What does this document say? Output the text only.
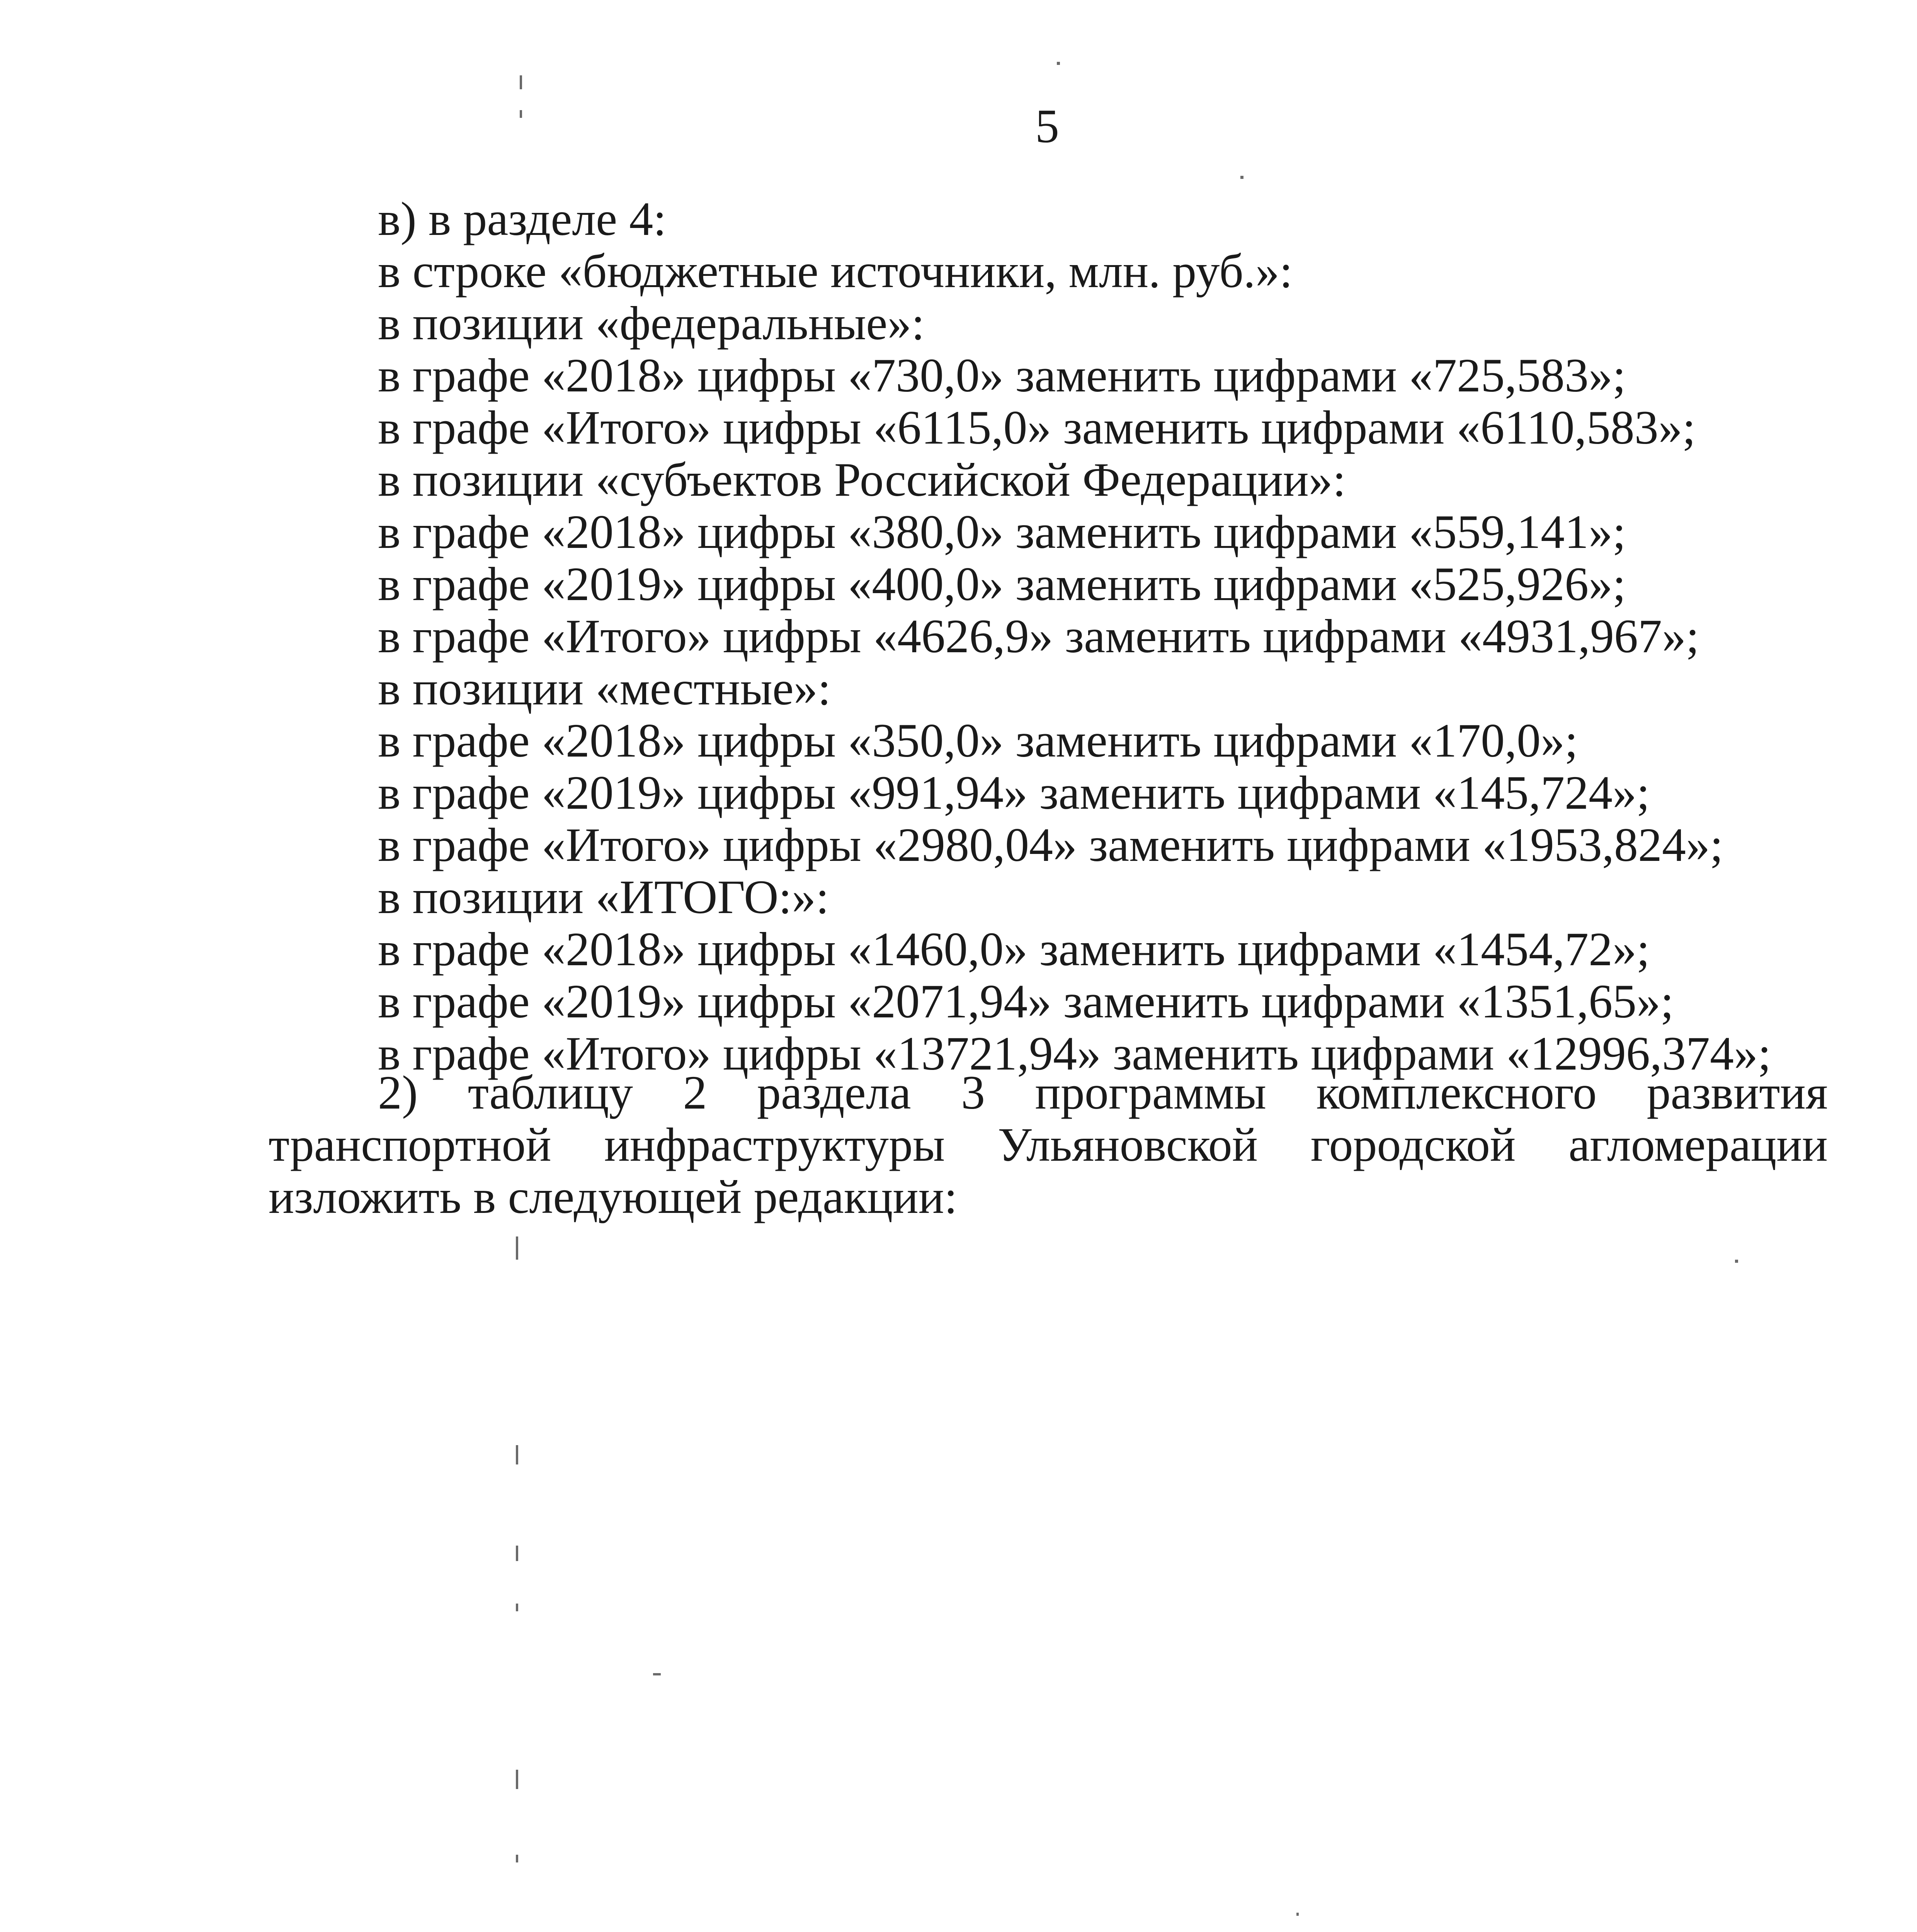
5
в) в разделе 4:
в строке «бюджетные источники, млн. руб.»:
в позиции «федеральные»:
в графе «2018» цифры «730,0» заменить цифрами «725,583»;
в графе «Итого» цифры «6115,0» заменить цифрами «6110,583»;
в позиции «субъектов Российской Федерации»:
в графе «2018» цифры «380,0» заменить цифрами «559,141»;
в графе «2019» цифры «400,0» заменить цифрами «525,926»;
в графе «Итого» цифры «4626,9» заменить цифрами «4931,967»;
в позиции «местные»:
в графе «2018» цифры «350,0» заменить цифрами «170,0»;
в графе «2019» цифры «991,94» заменить цифрами «145,724»;
в графе «Итого» цифры «2980,04» заменить цифрами «1953,824»;
в позиции «ИТОГО:»:
в графе «2018» цифры «1460,0» заменить цифрами «1454,72»;
в графе «2019» цифры «2071,94» заменить цифрами «1351,65»;
в графе «Итого» цифры «13721,94» заменить цифрами «12996,374»;
2) таблицу 2 раздела 3 программы комплексного развития транспортной инфраструктуры Ульяновской городской агломерации изложить в следующей редакции:
